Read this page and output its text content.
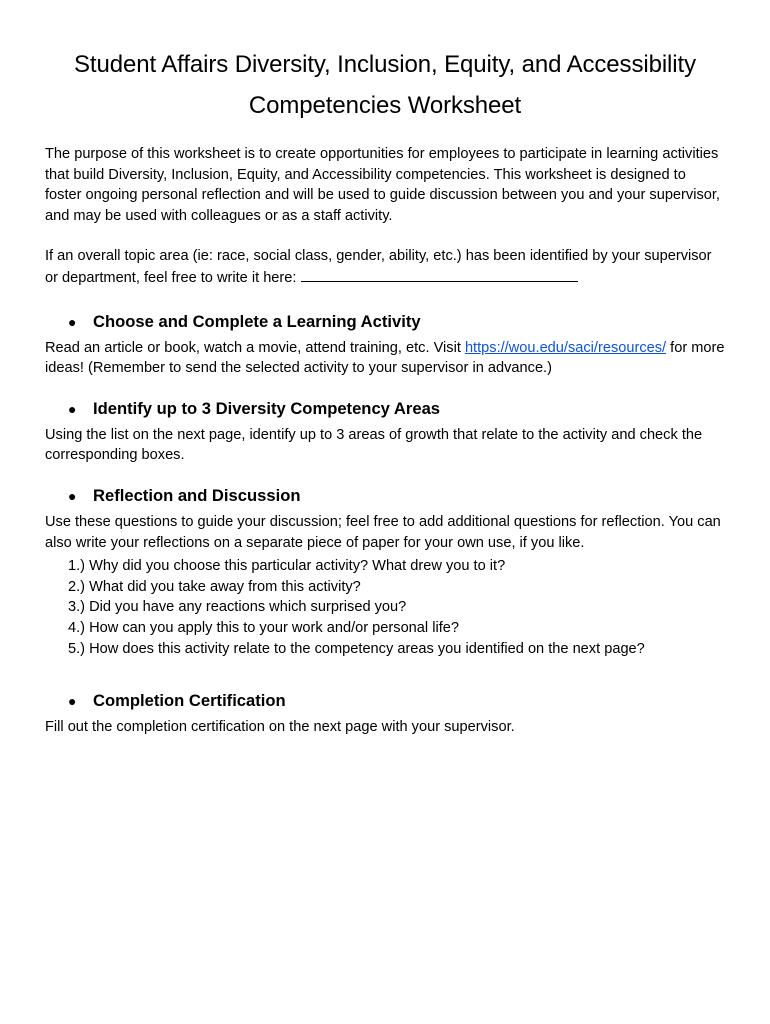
Student Affairs Diversity, Inclusion, Equity, and Accessibility
Competencies Worksheet

The purpose of this worksheet is to create opportunities for employees to participate in learning activities that build Diversity, Inclusion, Equity, and Accessibility competencies. This worksheet is designed to foster ongoing personal reflection and will be used to guide discussion between you and your supervisor, and may be used with colleagues or as a staff activity.

If an overall topic area (ie: race, social class, gender, ability, etc.) has been identified by your supervisor or department, feel free to write it here:

● Choose and Complete a Learning Activity

Read an article or book, watch a movie, attend training, etc. Visit https://wou.edu/saci/resources/ for more ideas! (Remember to send the selected activity to your supervisor in advance.)

● Identify up to 3 Diversity Competency Areas

Using the list on the next page, identify up to 3 areas of growth that relate to the activity and check the corresponding boxes.

● Reflection and Discussion

Use these questions to guide your discussion; feel free to add additional questions for reflection. You can also write your reflections on a separate piece of paper for your own use, if you like.

1.) Why did you choose this particular activity? What drew you to it?
2.) What did you take away from this activity?
3.) Did you have any reactions which surprised you?
4.) How can you apply this to your work and/or personal life?
5.) How does this activity relate to the competency areas you identified on the next page?
● Completion Certification

Fill out the completion certification on the next page with your supervisor.
